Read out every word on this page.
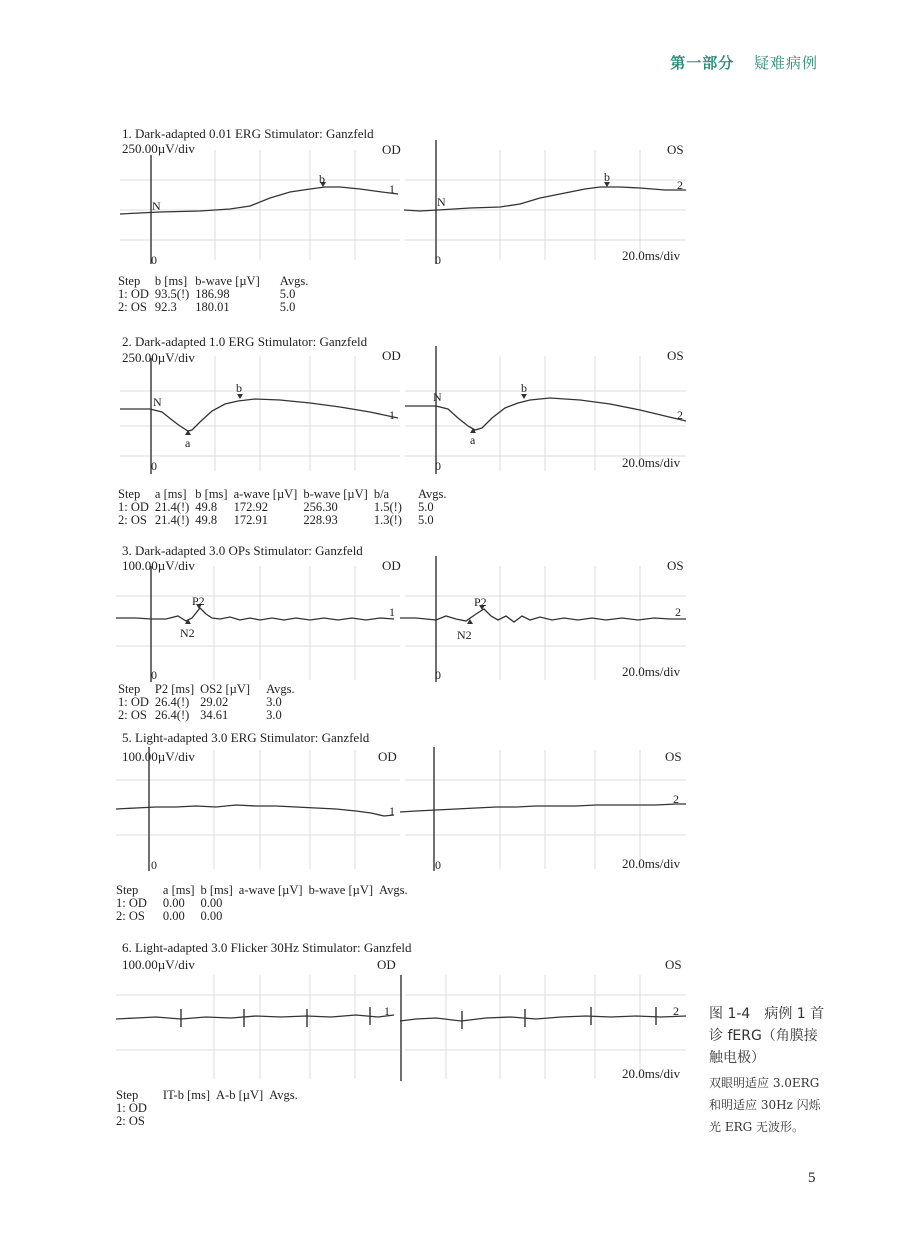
第一部分 疑难病例
1. Dark-adapted 0.01 ERG Stimulator: Ganzfeld
250.00µV/div	OD	OS
0	0
N	N
b	b
1	2
20.0ms/div
Step	b [ms]	b-wave [µV]	Avgs.
1: OD	93.5(!)	186.98	5.0
2: OS	92.3	180.01	5.0
2. Dark-adapted 1.0 ERG Stimulator: Ganzfeld
250.00µV/div	OD	OS
0	0
N	N
a	a
b	b
1	2
20.0ms/div
Step	a [ms]	b [ms]	a-wave [µV]	b-wave [µV]	b/a	Avgs.
1: OD	21.4(!)	49.8	172.92	256.30	1.5(!)	5.0
2: OS	21.4(!)	49.8	172.91	228.93	1.3(!)	5.0
3. Dark-adapted 3.0 OPs Stimulator: Ganzfeld
100.00µV/div	OD	OS
0	0
P2
N2
P2
N2
1	2
20.0ms/div
Step	P2 [ms]	OS2 [µV]	Avgs.
1: OD	26.4(!)	29.02	3.0
2: OS	26.4(!)	34.61	3.0
5. Light-adapted 3.0 ERG Stimulator: Ganzfeld
100.00µV/div	OD	OS
0	0
1
2
20.0ms/div
Step	a [ms]	b [ms]	a-wave [µV]	b-wave [µV]	Avgs.
1: OD	0.00	0.00			
2: OS	0.00	0.00			
6. Light-adapted 3.0 Flicker 30Hz Stimulator: Ganzfeld
100.00µV/div	OD	OS
1	2
20.0ms/div
Step	IT-b [ms]	A-b [µV]	Avgs.
1: OD			
2: OS			
图 1-4　病例 1 首诊 fERG（角膜接触电极）
双眼明适应 3.0ERG 和明适应 30Hz 闪烁光 ERG 无波形。
5
